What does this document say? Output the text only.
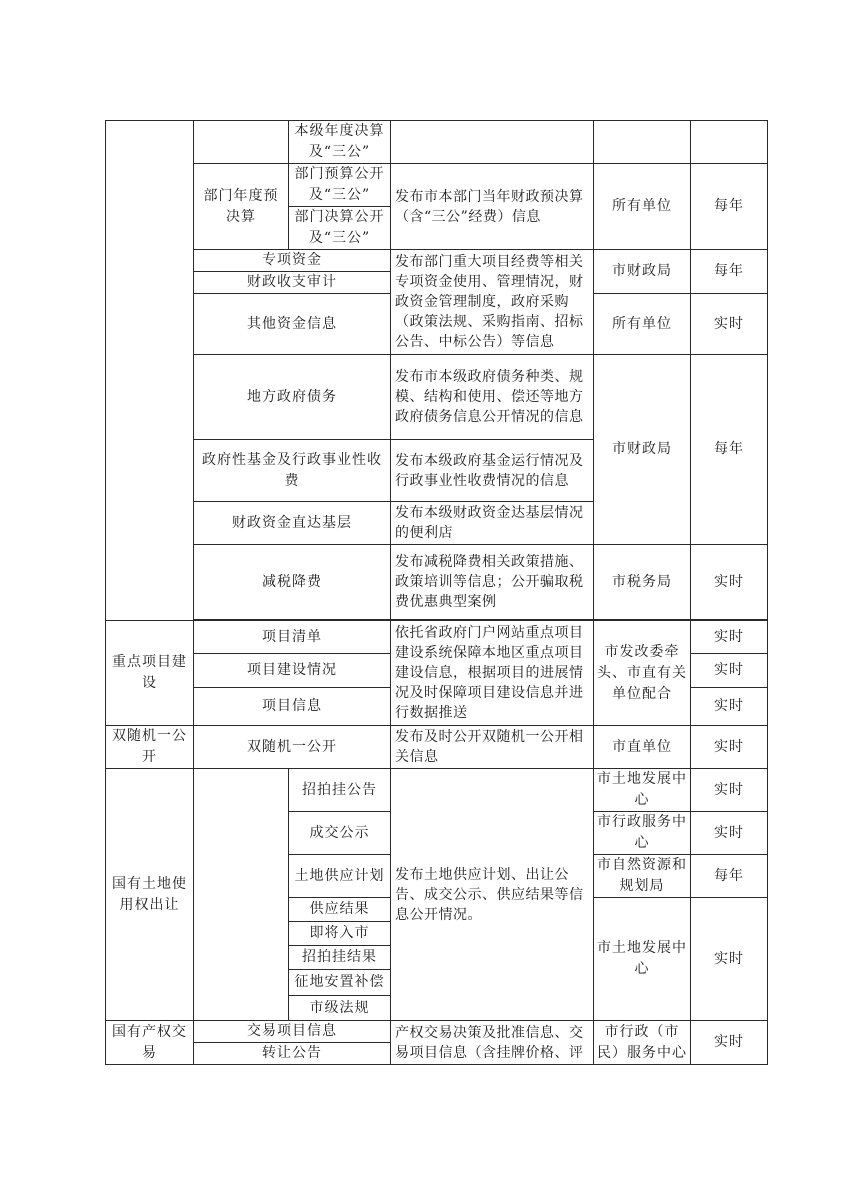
		本级年度决算及“三公”			
	部门年度预决算	部门预算公开及“三公”	发布市本部门当年财政预决算（含“三公”经费）信息	所有单位	每年
		部门决算公开及“三公”			
	专项资金		发布部门重大项目经费等相关专项资金使用、管理情况，财政资金管理制度，政府采购（政策法规、采购指南、招标公告、中标公告）等信息	市财政局	每年
	财政收支审计				
	其他资金信息			所有单位	实时
	地方政府债务		发布市本级政府债务种类、规模、结构和使用、偿还等地方政府债务信息公开情况的信息	市财政局	每年
	政府性基金及行政事业性收费		发布本级政府基金运行情况及行政事业性收费情况的信息		
	财政资金直达基层		发布本级财政资金达基层情况的便利店		
	减税降费		发布减税降费相关政策措施、政策培训等信息；公开骗取税费优惠典型案例	市税务局	实时

重点项目建设	项目清单		依托省政府门户网站重点项目建设系统保障本地区重点项目建设信息，根据项目的进展情况及时保障项目建设信息并进行数据推送	市发改委牵头、市直有关单位配合	实时
	项目建设情况				实时
	项目信息				实时
双随机一公开	双随机一公开		发布及时公开双随机一公开相关信息	市直单位	实时
国有土地使用权出让		招拍挂公告	发布土地供应计划、出让公告、成交公示、供应结果等信息公开情况。	市土地发展中心	实时
		成交公示		市行政服务中心	实时
		土地供应计划		市自然资源和规划局	每年
		供应结果		市土地发展中心	实时
		即将入市			
		招拍挂结果			
		征地安置补偿			
		市级法规			
国有产权交易	交易项目信息		产权交易决策及批准信息、交易项目信息（含挂牌价格、评	市行政（市民）服务中心	实时
	转让公告				
